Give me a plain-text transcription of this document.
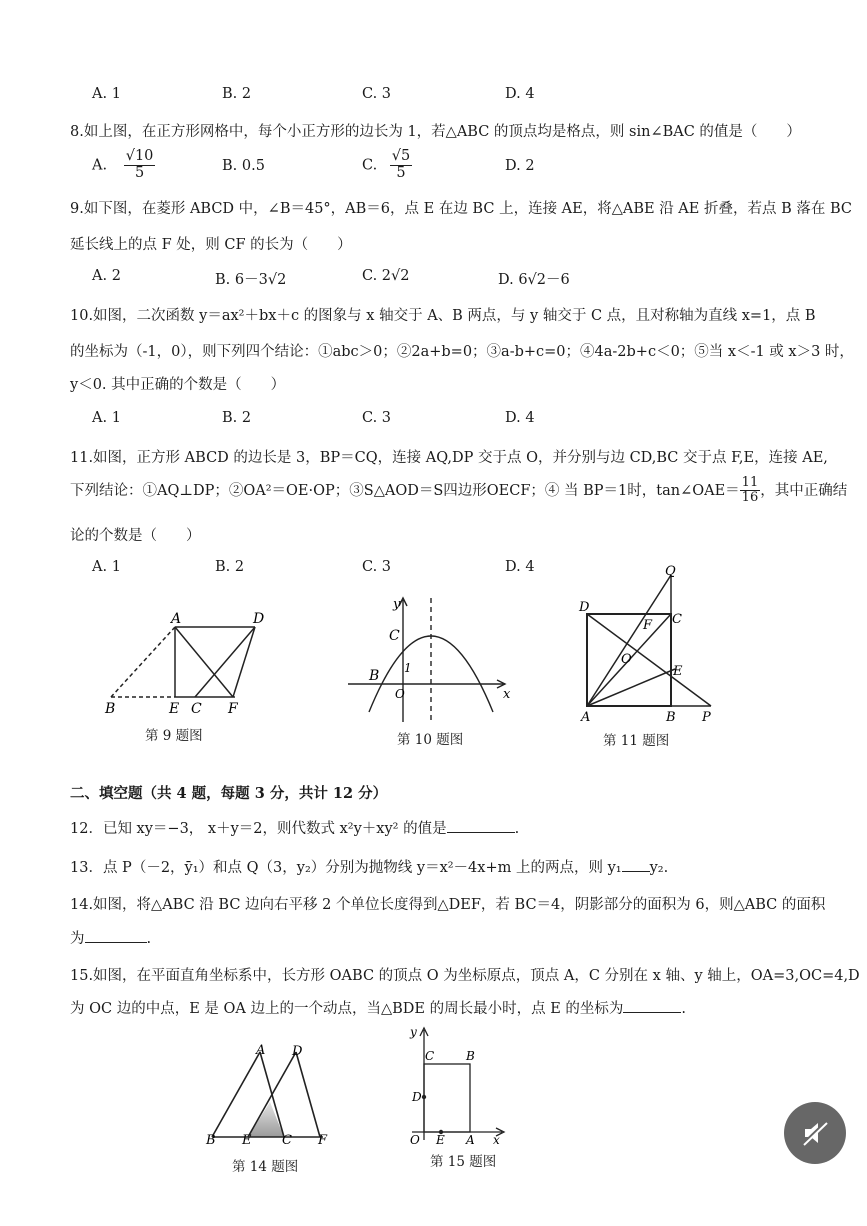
A. 1	B. 2	C. 3	D. 4
8.如上图，在正方形网格中，每个小正方形的边长为 1，若△ABC 的顶点均是格点，则 sin∠BAC 的值是（　　）
A. $\frac{√10}{5}$	B. 0.5	C. $\frac{√5}{5}$	D. 2
9.如下图，在菱形 ABCD 中，∠B＝45°，AB＝6，点 E 在边 BC 上，连接 AE，将△ABE 沿 AE 折叠，若点 B 落在 BC
延长线上的点 F 处，则 CF 的长为（　　）
A. 2	B. 6－3√2	C. 2√2	D. 6√2－6
10.如图，二次函数 y＝ax²＋bx＋c 的图象与 x 轴交于 A、B 两点，与 y 轴交于 C 点，且对称轴为直线 x=1，点 B
的坐标为（-1，0），则下列四个结论：①abc＞0；②2a+b=0；③a-b+c=0；④4a-2b+c＜0；⑤当 x＜-1 或 x＞3 时，
y＜0. 其中正确的个数是（　　）
A. 1	B. 2	C. 3	D. 4
11.如图，正方形 ABCD 的边长是 3，BP＝CQ，连接 AQ,DP 交于点 O，并分别与边 CD,BC 交于点 F,E，连接 AE,
下列结论：①AQ⊥DP；②OA²＝OE·OP；③S△AOD＝S四边形OECF；④ 当 BP＝1时，tan∠OAE＝ $\frac{11}{16}$ ，其中正确结
论的个数是（　　）
A. 1	B. 2	C. 3	D. 4
A	D
B	E C F
第 9 题图
y
x
C
B 1
O
第 10 题图
Q
D
C
F
O
E
A	B P
第 11 题图
二、填空题（共 4 题，每题 3 分，共计 12 分）
12．已知 xy＝−3， x＋y＝2，则代数式 x²y＋xy² 的值是	.
13．点 P（－2，ȳ₁）和点 Q（3，y₂）分别为抛物线 y＝x²－4x+m 上的两点，则 y₁ y₂.
14.如图，将△ABC 沿 BC 边向右平移 2 个单位长度得到△DEF，若 BC＝4，阴影部分的面积为 6，则△ABC 的面积
为	.
15.如图，在平面直角坐标系中，长方形 OABC 的顶点 O 为坐标原点，顶点 A，C 分别在 x 轴、y 轴上，OA=3,OC=4,D
为 OC 边的中点，E 是 OA 边上的一个动点，当△BDE 的周长最小时，点 E 的坐标为	.
A D
B E C F
第 14 题图
y
C	B
D
O E A x
第 15 题图
